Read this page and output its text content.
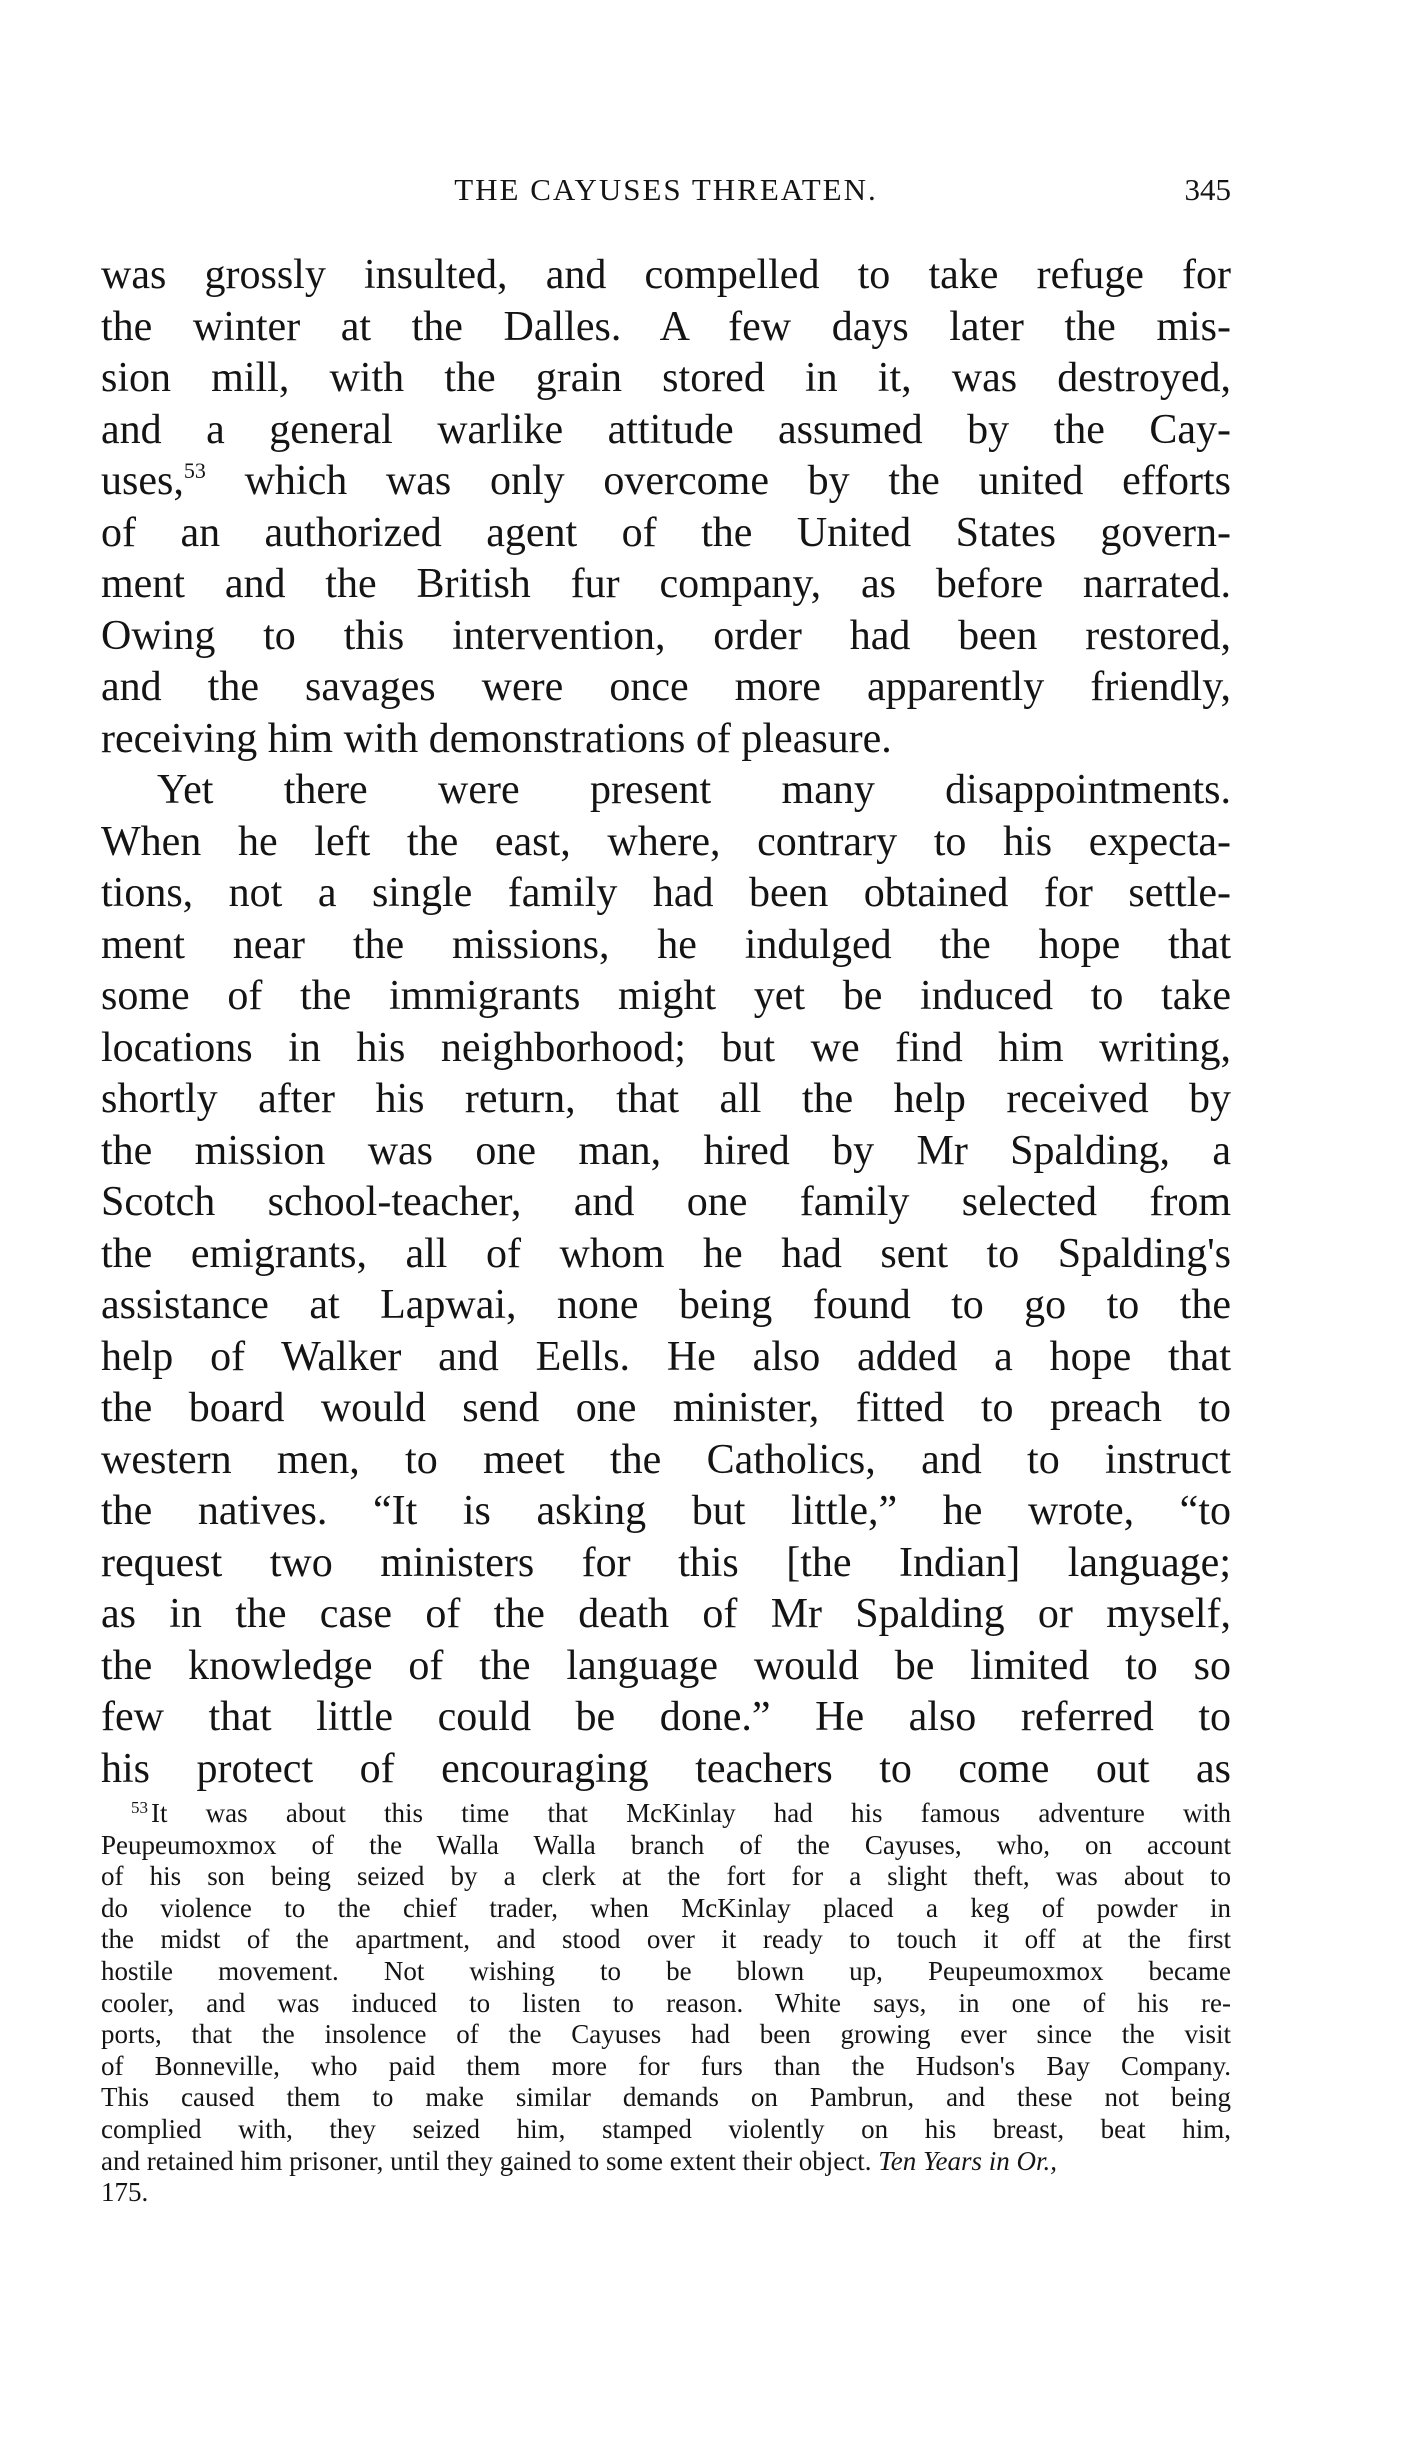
THE CAYUSES THREATEN.	345
was grossly insulted, and compelled to take refuge for
the winter at the Dalles. A few days later the mis-
sion mill, with the grain stored in it, was destroyed,
and a general warlike attitude assumed by the Cay-
uses,$^{53}$ which was only overcome by the united efforts
of an authorized agent of the United States govern-
ment and the British fur company, as before narrated.
Owing to this intervention, order had been restored,
and the savages were once more apparently friendly,
receiving him with demonstrations of pleasure.
Yet there were present many disappointments.
When he left the east, where, contrary to his expecta-
tions, not a single family had been obtained for settle-
ment near the missions, he indulged the hope that
some of the immigrants might yet be induced to take
locations in his neighborhood; but we find him writing,
shortly after his return, that all the help received by
the mission was one man, hired by Mr Spalding, a
Scotch school-teacher, and one family selected from
the emigrants, all of whom he had sent to Spalding's
assistance at Lapwai, none being found to go to the
help of Walker and Eells. He also added a hope that
the board would send one minister, fitted to preach to
western men, to meet the Catholics, and to instruct
the natives. “It is asking but little,” he wrote, “to
request two ministers for this [the Indian] language;
as in the case of the death of Mr Spalding or myself,
the knowledge of the language would be limited to so
few that little could be done.” He also referred to
his protect of encouraging teachers to come out as
$^{53}$ It was about this time that McKinlay had his famous adventure with
Peupeumoxmox of the Walla Walla branch of the Cayuses, who, on account
of his son being seized by a clerk at the fort for a slight theft, was about to
do violence to the chief trader, when McKinlay placed a keg of powder in
the midst of the apartment, and stood over it ready to touch it off at the first
hostile movement. Not wishing to be blown up, Peupeumoxmox became
cooler, and was induced to listen to reason. White says, in one of his re-
ports, that the insolence of the Cayuses had been growing ever since the visit
of Bonneville, who paid them more for furs than the Hudson's Bay Company.
This caused them to make similar demands on Pambrun, and these not being
complied with, they seized him, stamped violently on his breast, beat him,
and retained him prisoner, until they gained to some extent their object. Ten Years in Or.,
175.
